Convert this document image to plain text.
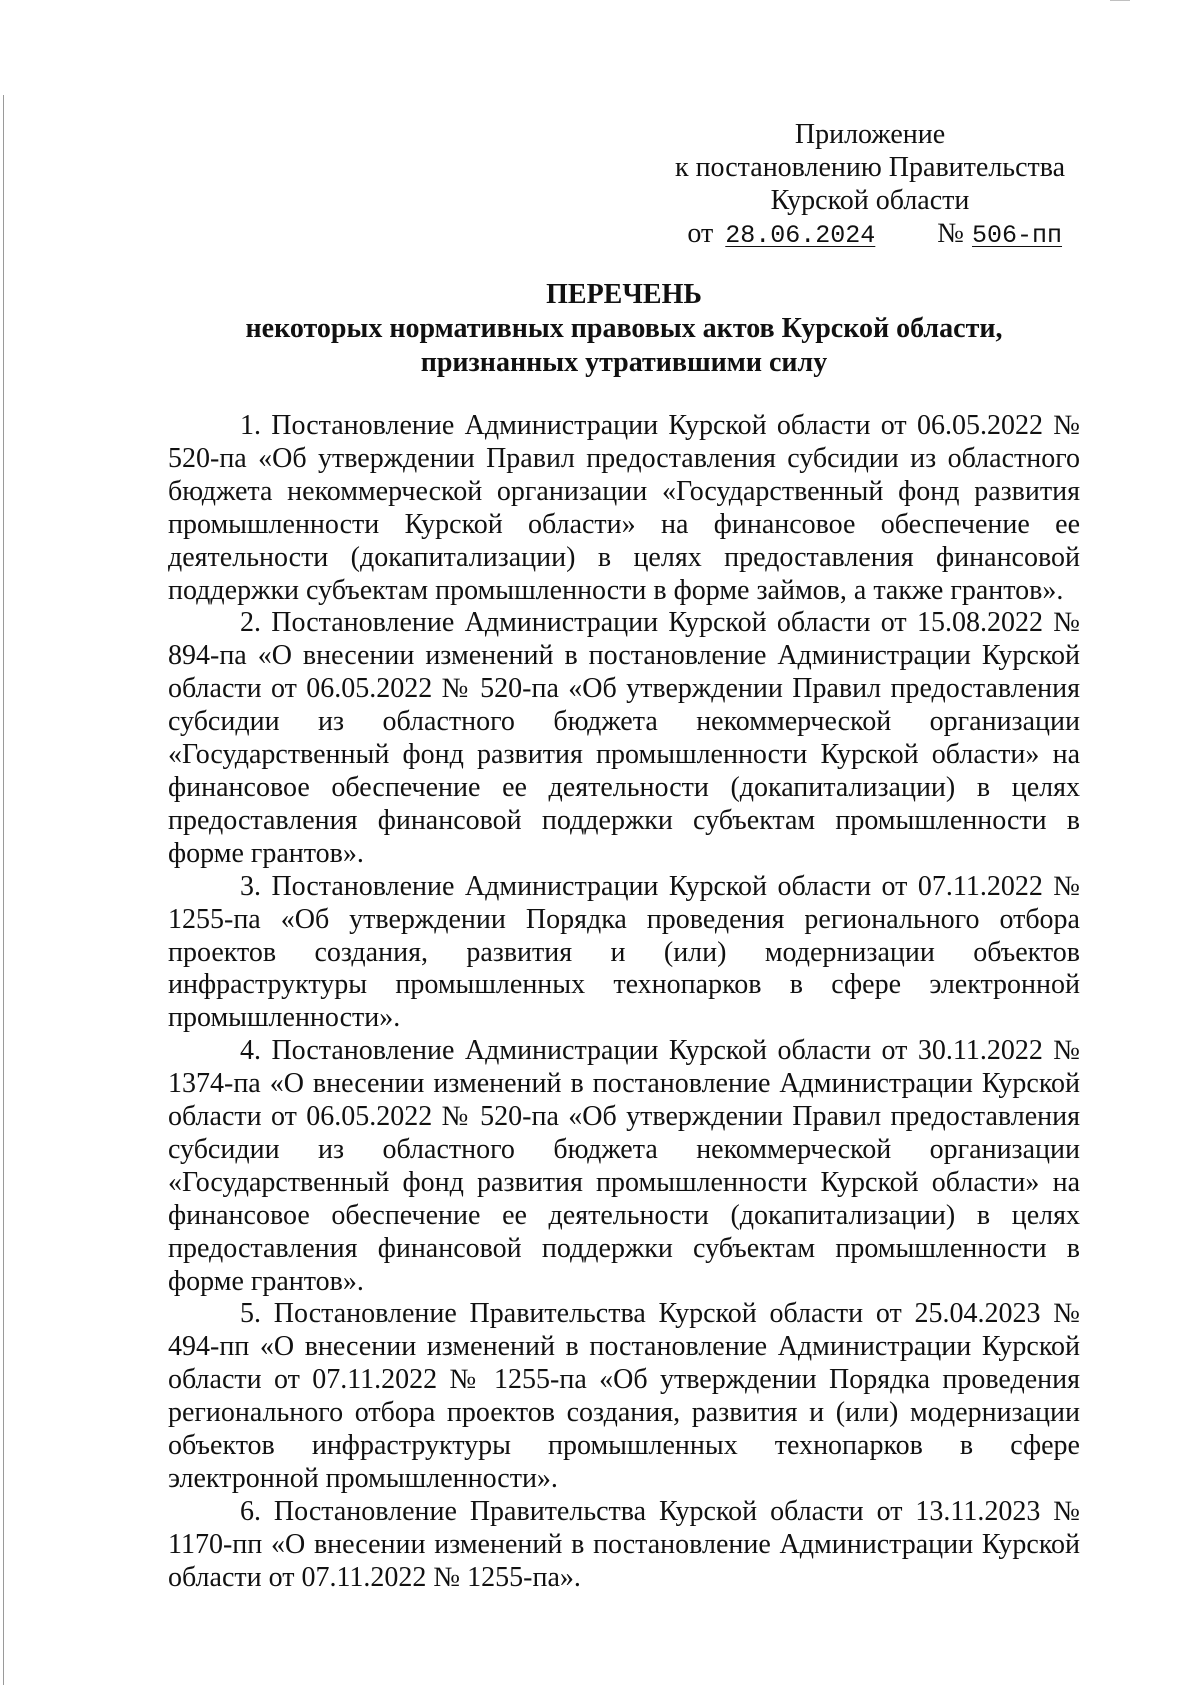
Приложение
к постановлению Правительства
Курской области
от 28.06.2024 № 506-пп
ПЕРЕЧЕНЬ
некоторых нормативных правовых актов Курской области,
признанных утратившими силу

1. Постановление Администрации Курской области от 06.05.2022 № 520-па «Об утверждении Правил предоставления субсидии из областного бюджета некоммерческой организации «Государственный фонд развития промышленности Курской области» на финансовое обеспечение ее деятельности (докапитализации) в целях предоставления финансовой поддержки субъектам промышленности в форме займов, а также грантов».

2. Постановление Администрации Курской области от 15.08.2022 № 894-па «О внесении изменений в постановление Администрации Курской области от 06.05.2022 № 520-па «Об утверждении Правил предоставления субсидии из областного бюджета некоммерческой организации «Государственный фонд развития промышленности Курской области» на финансовое обеспечение ее деятельности (докапитализации) в целях предоставления финансовой поддержки субъектам промышленности в форме грантов».

3. Постановление Администрации Курской области от 07.11.2022 № 1255-па «Об утверждении Порядка проведения регионального отбора проектов создания, развития и (или) модернизации объектов инфраструктуры промышленных технопарков в сфере электронной промышленности».

4. Постановление Администрации Курской области от 30.11.2022 № 1374-па «О внесении изменений в постановление Администрации Курской области от 06.05.2022 № 520-па «Об утверждении Правил предоставления субсидии из областного бюджета некоммерческой организации «Государственный фонд развития промышленности Курской области» на финансовое обеспечение ее деятельности (докапитализации) в целях предоставления финансовой поддержки субъектам промышленности в форме грантов».

5. Постановление Правительства Курской области от 25.04.2023 № 494-пп «О внесении изменений в постановление Администрации Курской области от 07.11.2022 № 1255-па «Об утверждении Порядка проведения регионального отбора проектов создания, развития и (или) модернизации объектов инфраструктуры промышленных технопарков в сфере электронной промышленности».

6. Постановление Правительства Курской области от 13.11.2023 № 1170-пп «О внесении изменений в постановление Администрации Курской области от 07.11.2022 № 1255-па».
